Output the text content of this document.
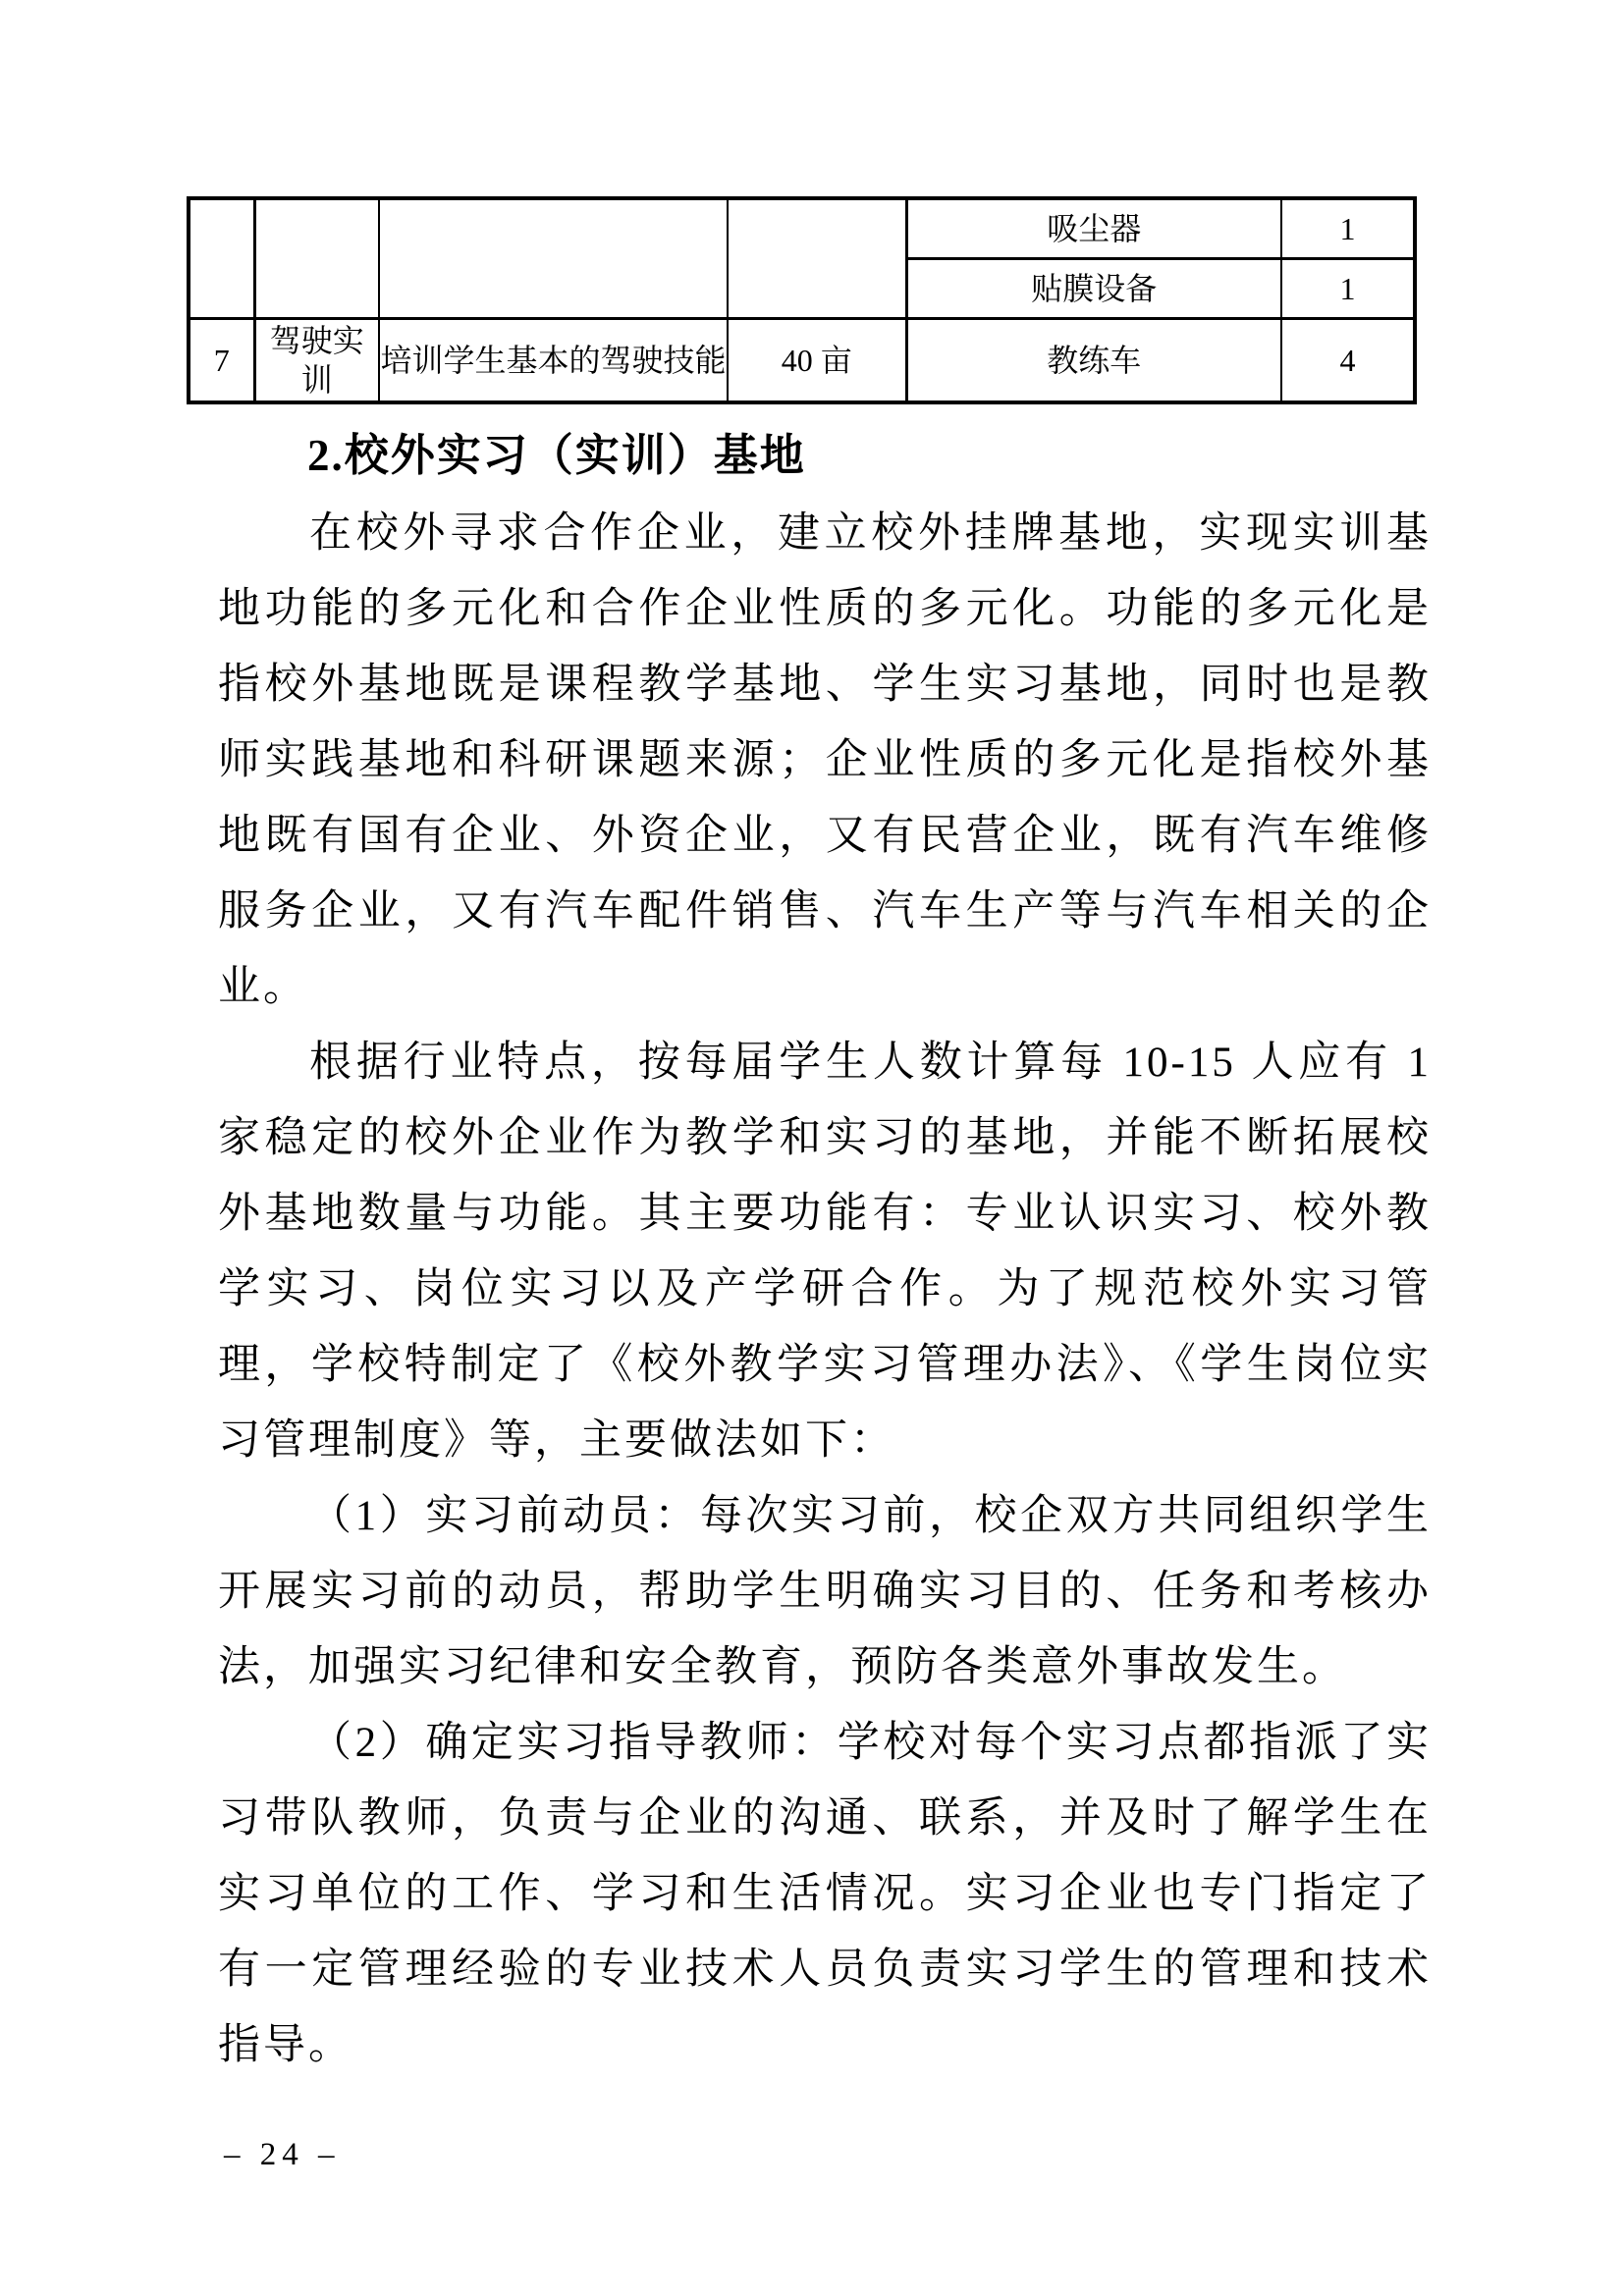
				吸尘器	1
				贴膜设备	1
7	驾驶实训	培训学生基本的驾驶技能	40 亩	教练车	4
2.校外实习（实训）基地

在校外寻求合作企业，建立校外挂牌基地，实现实训基地功能的多元化和合作企业性质的多元化。功能的多元化是指校外基地既是课程教学基地、学生实习基地，同时也是教师实践基地和科研课题来源；企业性质的多元化是指校外基地既有国有企业、外资企业，又有民营企业，既有汽车维修服务企业，又有汽车配件销售、汽车生产等与汽车相关的企业。

根据行业特点，按每届学生人数计算每 10-15 人应有 1 家稳定的校外企业作为教学和实习的基地，并能不断拓展校外基地数量与功能。其主要功能有：专业认识实习、校外教学实习、岗位实习以及产学研合作。为了规范校外实习管理，学校特制定了《校外教学实习管理办法》、《学生岗位实习管理制度》等，主要做法如下：

（1）实习前动员：每次实习前，校企双方共同组织学生开展实习前的动员，帮助学生明确实习目的、任务和考核办法，加强实习纪律和安全教育，预防各类意外事故发生。

（2）确定实习指导教师：学校对每个实习点都指派了实习带队教师，负责与企业的沟通、联系，并及时了解学生在实习单位的工作、学习和生活情况。实习企业也专门指定了有一定管理经验的专业技术人员负责实习学生的管理和技术指导。

– 24 –
